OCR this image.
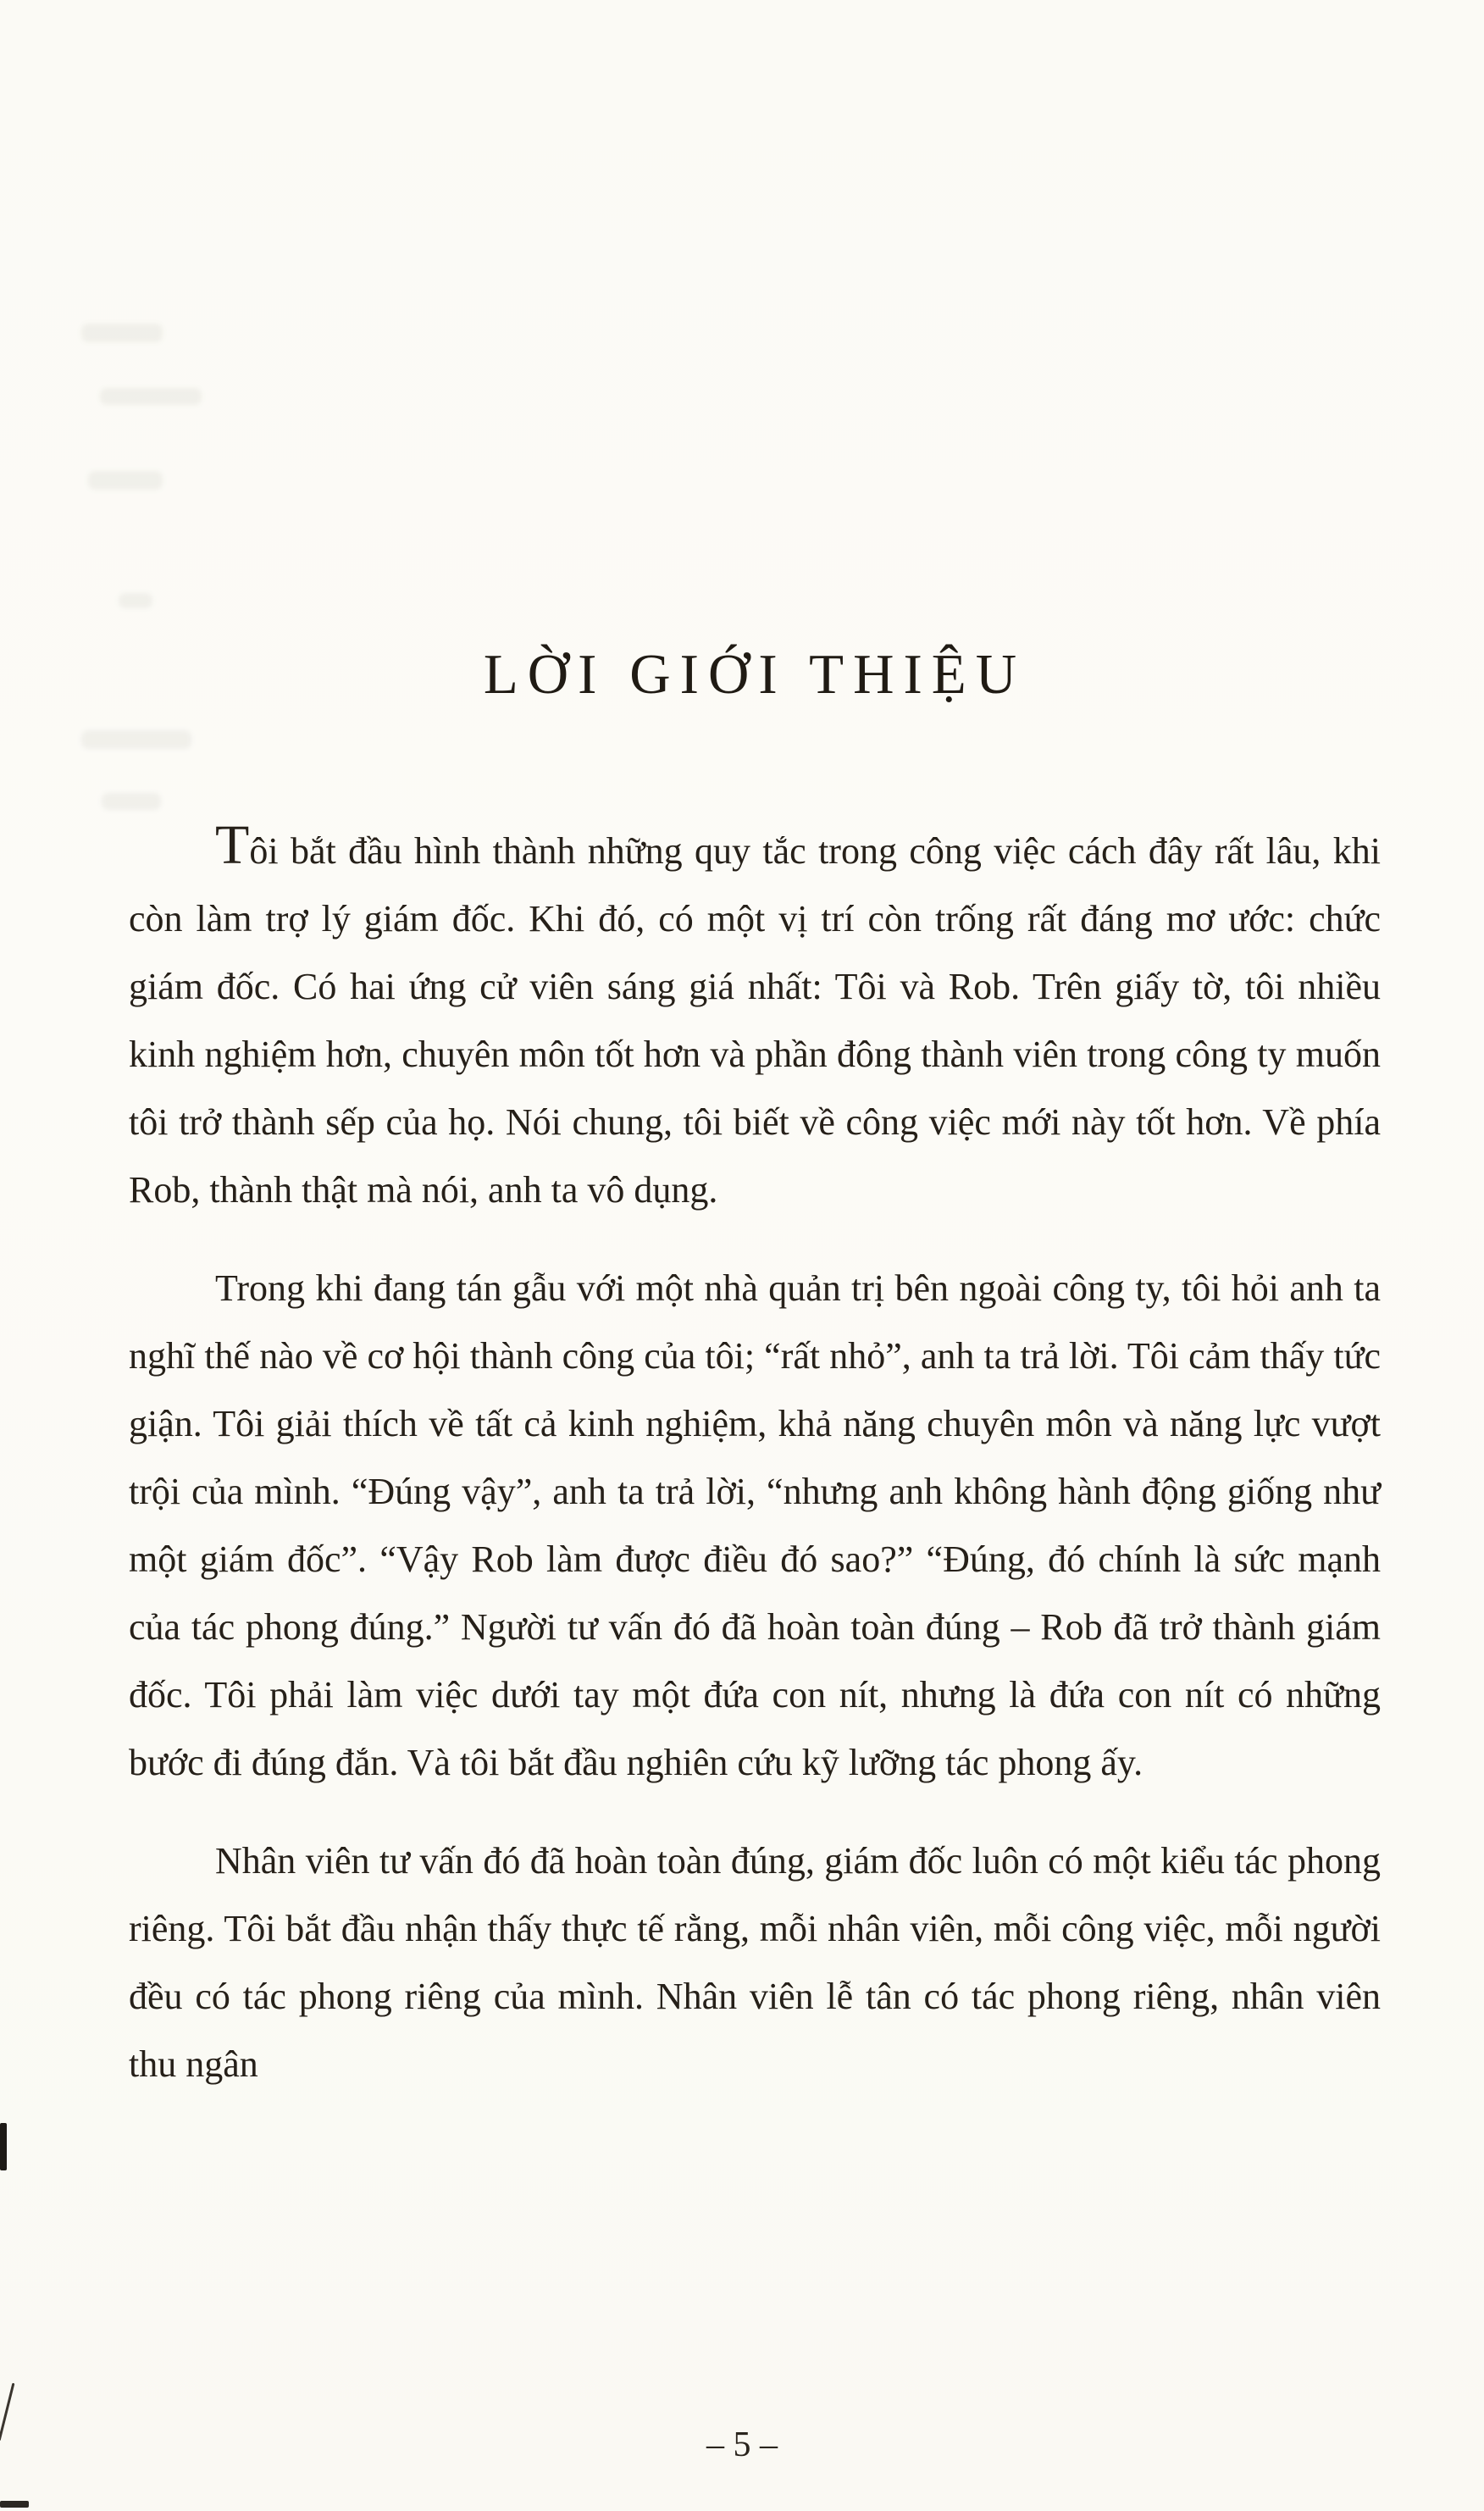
LỜI GIỚI THIỆU

Tôi bắt đầu hình thành những quy tắc trong công việc cách đây rất lâu, khi còn làm trợ lý giám đốc. Khi đó, có một vị trí còn trống rất đáng mơ ước: chức giám đốc. Có hai ứng cử viên sáng giá nhất: Tôi và Rob. Trên giấy tờ, tôi nhiều kinh nghiệm hơn, chuyên môn tốt hơn và phần đông thành viên trong công ty muốn tôi trở thành sếp của họ. Nói chung, tôi biết về công việc mới này tốt hơn. Về phía Rob, thành thật mà nói, anh ta vô dụng.

Trong khi đang tán gẫu với một nhà quản trị bên ngoài công ty, tôi hỏi anh ta nghĩ thế nào về cơ hội thành công của tôi; “rất nhỏ”, anh ta trả lời. Tôi cảm thấy tức giận. Tôi giải thích về tất cả kinh nghiệm, khả năng chuyên môn và năng lực vượt trội của mình. “Đúng vậy”, anh ta trả lời, “nhưng anh không hành động giống như một giám đốc”. “Vậy Rob làm được điều đó sao?” “Đúng, đó chính là sức mạnh của tác phong đúng.” Người tư vấn đó đã hoàn toàn đúng – Rob đã trở thành giám đốc. Tôi phải làm việc dưới tay một đứa con nít, nhưng là đứa con nít có những bước đi đúng đắn. Và tôi bắt đầu nghiên cứu kỹ lưỡng tác phong ấy.

Nhân viên tư vấn đó đã hoàn toàn đúng, giám đốc luôn có một kiểu tác phong riêng. Tôi bắt đầu nhận thấy thực tế rằng, mỗi nhân viên, mỗi công việc, mỗi người đều có tác phong riêng của mình. Nhân viên lễ tân có tác phong riêng, nhân viên thu ngân

– 5 –
